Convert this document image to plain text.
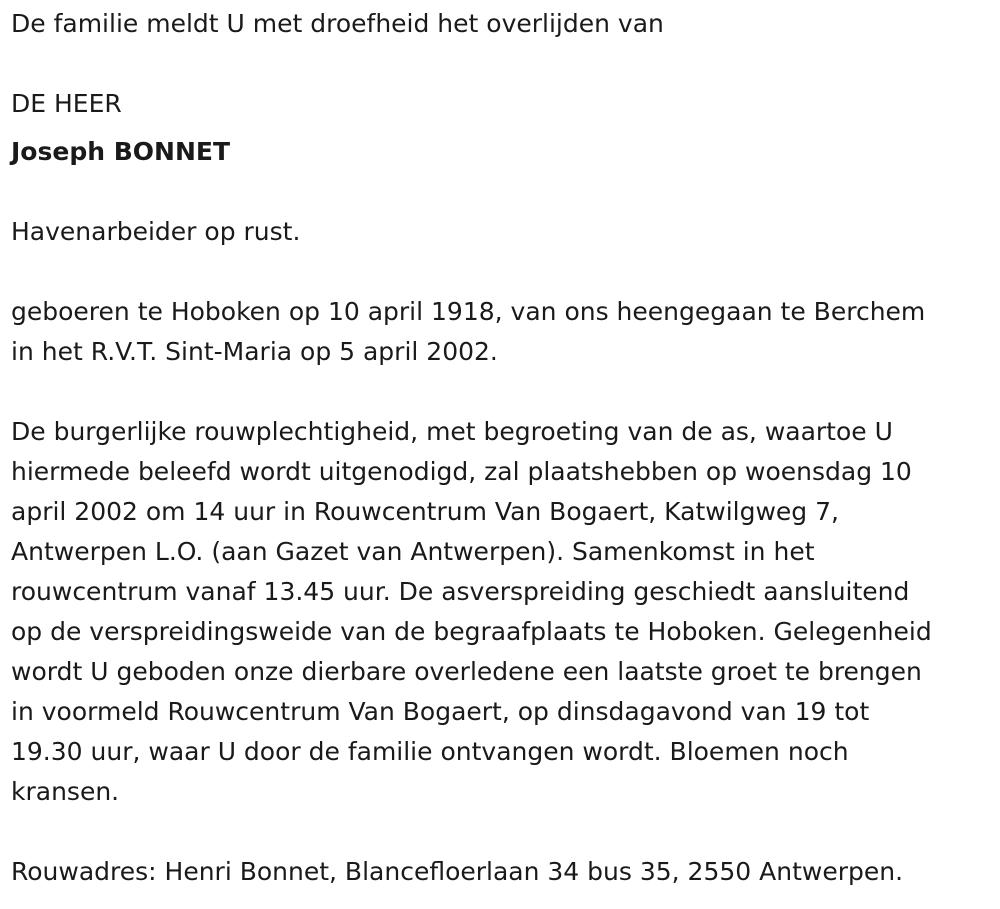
De familie meldt U met droefheid het overlijden van
DE HEER
Joseph BONNET
Havenarbeider op rust.
geboeren te Hoboken op 10 april 1918, van ons heengegaan te Berchem
in het R.V.T. Sint-Maria op 5 april 2002.
De burgerlijke rouwplechtigheid, met begroeting van de as, waartoe U
hiermede beleefd wordt uitgenodigd, zal plaatshebben op woensdag 10
april 2002 om 14 uur in Rouwcentrum Van Bogaert, Katwilgweg 7,
Antwerpen L.O. (aan Gazet van Antwerpen). Samenkomst in het
rouwcentrum vanaf 13.45 uur. De asverspreiding geschiedt aansluitend
op de verspreidingsweide van de begraafplaats te Hoboken. Gelegenheid
wordt U geboden onze dierbare overledene een laatste groet te brengen
in voormeld Rouwcentrum Van Bogaert, op dinsdagavond van 19 tot
19.30 uur, waar U door de familie ontvangen wordt. Bloemen noch
kransen.
Rouwadres: Henri Bonnet, Blancefloerlaan 34 bus 35, 2550 Antwerpen.
